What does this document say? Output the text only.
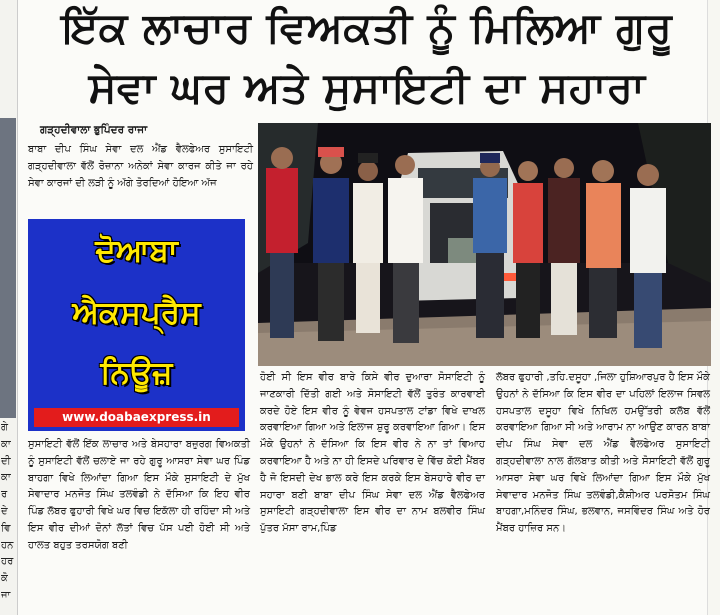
ਗੇ
ਕਾ
ਦੀ
ਕਾ
ਰ
ਦੇ
ਵਿ
ਹਨ
ਹਰ
ਕੋ
ਜਾ
ਇੱਕ ਲਾਚਾਰ ਵਿਅਕਤੀ ਨੂੰ ਮਿਲਿਆ ਗੁਰੂ
ਸੇਵਾ ਘਰ ਅਤੇ ਸੁਸਾਇਟੀ ਦਾ ਸਹਾਰਾ
ਗੜ੍ਹਦੀਵਾਲਾ ਭੁਪਿੰਦਰ ਰਾਜਾ

ਬਾਬਾ ਦੀਪ ਸਿੰਘ ਸੇਵਾ ਦਲ ਐਂਡ ਵੈਲਫੇਅਰ ਸੁਸਾਇਟੀ ਗੜ੍ਹਦੀਵਾਲਾ ਵੱਲੋਂ ਰੋਜ਼ਾਨਾ ਅਨੇਕਾਂ ਸੇਵਾ ਕਾਰਜ ਕੀਤੇ ਜਾ ਰਹੇ ਸੇਵਾ ਕਾਰਜਾਂ ਦੀ ਲੜੀ ਨੂੰ ਅੱਗੇ ਤੋਰਦਿਆਂ ਹੋਇਆ ਅੱਜ

ਦੋਆਬਾ
ਐਕਸਪ੍ਰੈਸ
ਨਿਊਜ਼
www.doabaexpress.in

ਸੁਸਾਇਟੀ ਵੱਲੋਂ ਇੱਕ ਲਾਚਾਰ ਅਤੇ ਬੇਸਹਾਰਾ ਬਜ਼ੁਰਗ ਵਿਅਕਤੀ ਨੂੰ ਸੁਸਾਇਟੀ ਵੱਲੋਂ ਚਲਾਏ ਜਾ ਰਹੇ ਗੁਰੂ ਆਸਰਾ ਸੇਵਾ ਘਰ ਪਿੰਡ ਬਾਹਗਾ ਵਿਖੇ ਲਿਆਂਦਾ ਗਿਆ ਇਸ ਮੌਕੇ ਸੁਸਾਇਟੀ ਦੇ ਮੁੱਖ ਸੇਵਾਦਾਰ ਮਨਜੋਤ ਸਿੰਘ ਤਲਵੰਡੀ ਨੇ ਦੱਸਿਆ ਕਿ ਇਹ ਵੀਰ ਪਿੰਡ ਲੱਬਰ ਫੁਹਾਰੀ ਵਿਖੇ ਘਰ ਵਿਚ ਇਕੱਲਾ ਹੀ ਰਹਿੰਦਾ ਸੀ ਅਤੇ ਇਸ ਵੀਰ ਦੀਆਂ ਦੋਨਾਂ ਲੱਤਾਂ ਵਿਚ ਪੱਸ ਪਈ ਹੋਈ ਸੀ ਅਤੇ ਹਾਲਤ ਬਹੁਤ ਤਰਸਯੋਗ ਬਣੀ

ਹੋਈ ਸੀ ਇਸ ਵੀਰ ਬਾਰੇ ਕਿਸੇ ਵੀਰ ਦੁਆਰਾ ਸੋਸਾਇਟੀ ਨੂੰ ਜਾਣਕਾਰੀ ਦਿੱਤੀ ਗਈ ਅਤੇ ਸੋਸਾਇਟੀ ਵੱਲੋਂ ਤੁਰੰਤ ਕਾਰਵਾਈ ਕਰਦੇ ਹੋਏ ਇਸ ਵੀਰ ਨੂੰ ਵੇਵਜ ਹਸਪਤਾਲ ਟਾਂਡਾ ਵਿਖੇ ਦਾਖਲ ਕਰਵਾਇਆ ਗਿਆ ਅਤੇ ਇਲਾਜ ਸ਼ੁਰੂ ਕਰਵਾਇਆ ਗਿਆ। ਇਸ ਮੌਕੇ ਉਹਨਾਂ ਨੇ ਦੱਸਿਆ ਕਿ ਇਸ ਵੀਰ ਨੇ ਨਾ ਤਾਂ ਵਿਆਹ ਕਰਵਾਇਆ ਹੈ ਅਤੇ ਨਾ ਹੀ ਇਸਦੇ ਪਰਿਵਾਰ ਦੇ ਵਿੱਚ ਕੋਈ ਮੈਂਬਰ ਹੈ ਜੋ ਇਸਦੀ ਦੇਖ ਭਾਲ ਕਰੇ ਇਸ ਕਰਕੇ ਇਸ ਬੇਸਹਾਰੇ ਵੀਰ ਦਾ ਸਹਾਰਾ ਬਣੀ ਬਾਬਾ ਦੀਪ ਸਿੰਘ ਸੇਵਾ ਦਲ ਐਂਡ ਵੈਲਫੇਅਰ ਸੁਸਾਇਟੀ ਗੜ੍ਹਦੀਵਾਲਾ ਇਸ ਵੀਰ ਦਾ ਨਾਮ ਬਲਵੀਰ ਸਿੰਘ ਪੁੱਤਰ ਮੱਸਾ ਰਾਮ,ਪਿੰਡ

ਲੱਬਰ ਫੁਹਾਰੀ ,ਤਹਿ.ਦਸੂਹਾ ,ਜਿਲਾ ਹੁਸ਼ਿਆਰਪੁਰ ਹੈ ਇਸ ਮੌਕੇ ਉਹਨਾਂ ਨੇ ਦੱਸਿਆ ਕਿ ਇਸ ਵੀਰ ਦਾ ਪਹਿਲਾਂ ਇਲਾਜ ਸਿਵਲ ਹਸਪਤਾਲ ਦਸੂਹਾ ਵਿਖੇ ਨਿਖਿਲ ਹਮਉੱਤਰੀ ਕਲੱਬ ਵੱਲੋਂ ਕਰਵਾਇਆ ਗਿਆ ਸੀ ਅਤੇ ਆਰਾਮ ਨਾ ਆਉਣ ਕਾਰਨ ਬਾਬਾ ਦੀਪ ਸਿੰਘ ਸੇਵਾ ਦਲ ਐਂਡ ਵੈਲਫੇਅਰ ਸੁਸਾਇਟੀ ਗੜ੍ਹਦੀਵਾਲਾ ਨਾਲ ਗੱਲਬਾਤ ਕੀਤੀ ਅਤੇ ਸੋਸਾਇਟੀ ਵੱਲੋਂ ਗੁਰੂ ਆਸਰਾ ਸੇਵਾ ਘਰ ਵਿਖੇ ਲਿਆਂਦਾ ਗਿਆ ਇਸ ਮੌਕੇ ਮੁੱਖ ਸੇਵਾਦਾਰ ਮਨਜੋਤ ਸਿੰਘ ਤਲਵੰਡੀ,ਕੈਸ਼ੀਅਰ ਪਰਸੋਤਮ ਸਿੰਘ ਬਾਹਗਾ,ਮਨਿੰਦਰ ਸਿੰਘ, ਭਲਵਾਨ, ਜਸਵਿੰਦਰ ਸਿੰਘ ਅਤੇ ਹੋਰ ਮੈਂਬਰ ਹਾਜ਼ਿਰ ਸਨ।
